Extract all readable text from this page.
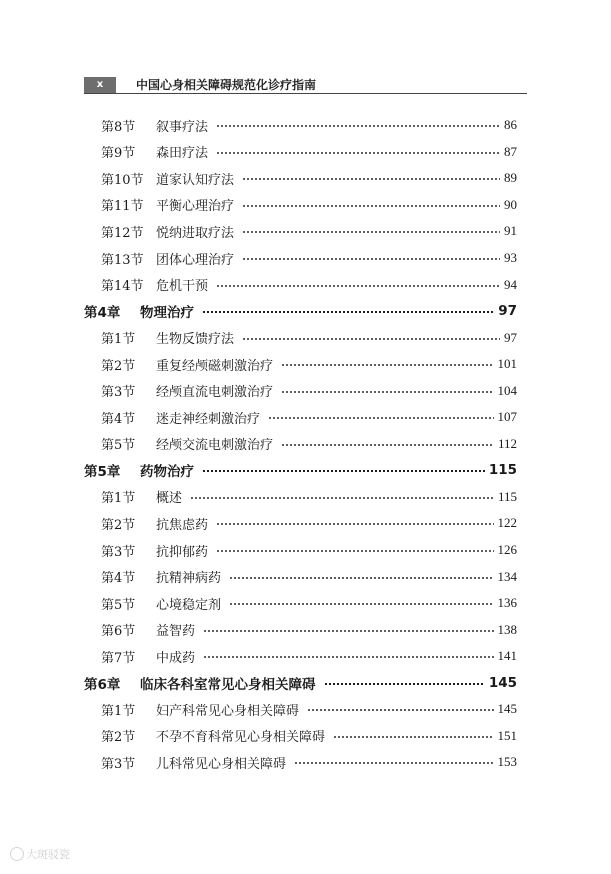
x	中国心身相关障碍规范化诊疗指南
第8节	叙事疗法	86
第9节	森田疗法	87
第10节 道家认知疗法	89
第11节 平衡心理治疗	90
第12节 悦纳进取疗法	91
第13节 团体心理治疗	93
第14节 危机干预	94
第4章	物理治疗	97
第1节	生物反馈疗法	97
第2节	重复经颅磁刺激治疗	101
第3节	经颅直流电刺激治疗	104
第4节	迷走神经刺激治疗	107
第5节	经颅交流电刺激治疗	112
第5章	药物治疗	115
第1节	概述	115
第2节	抗焦虑药	122
第3节	抗抑郁药	126
第4节	抗精神病药	134
第5节	心境稳定剂	136
第6节	益智药	138
第7节	中成药	141
第6章	临床各科室常见心身相关障碍	145
第1节	妇产科常见心身相关障碍	145
第2节	不孕不育科常见心身相关障碍	151
第3节	儿科常见心身相关障碍	153
大斑驳瓷
